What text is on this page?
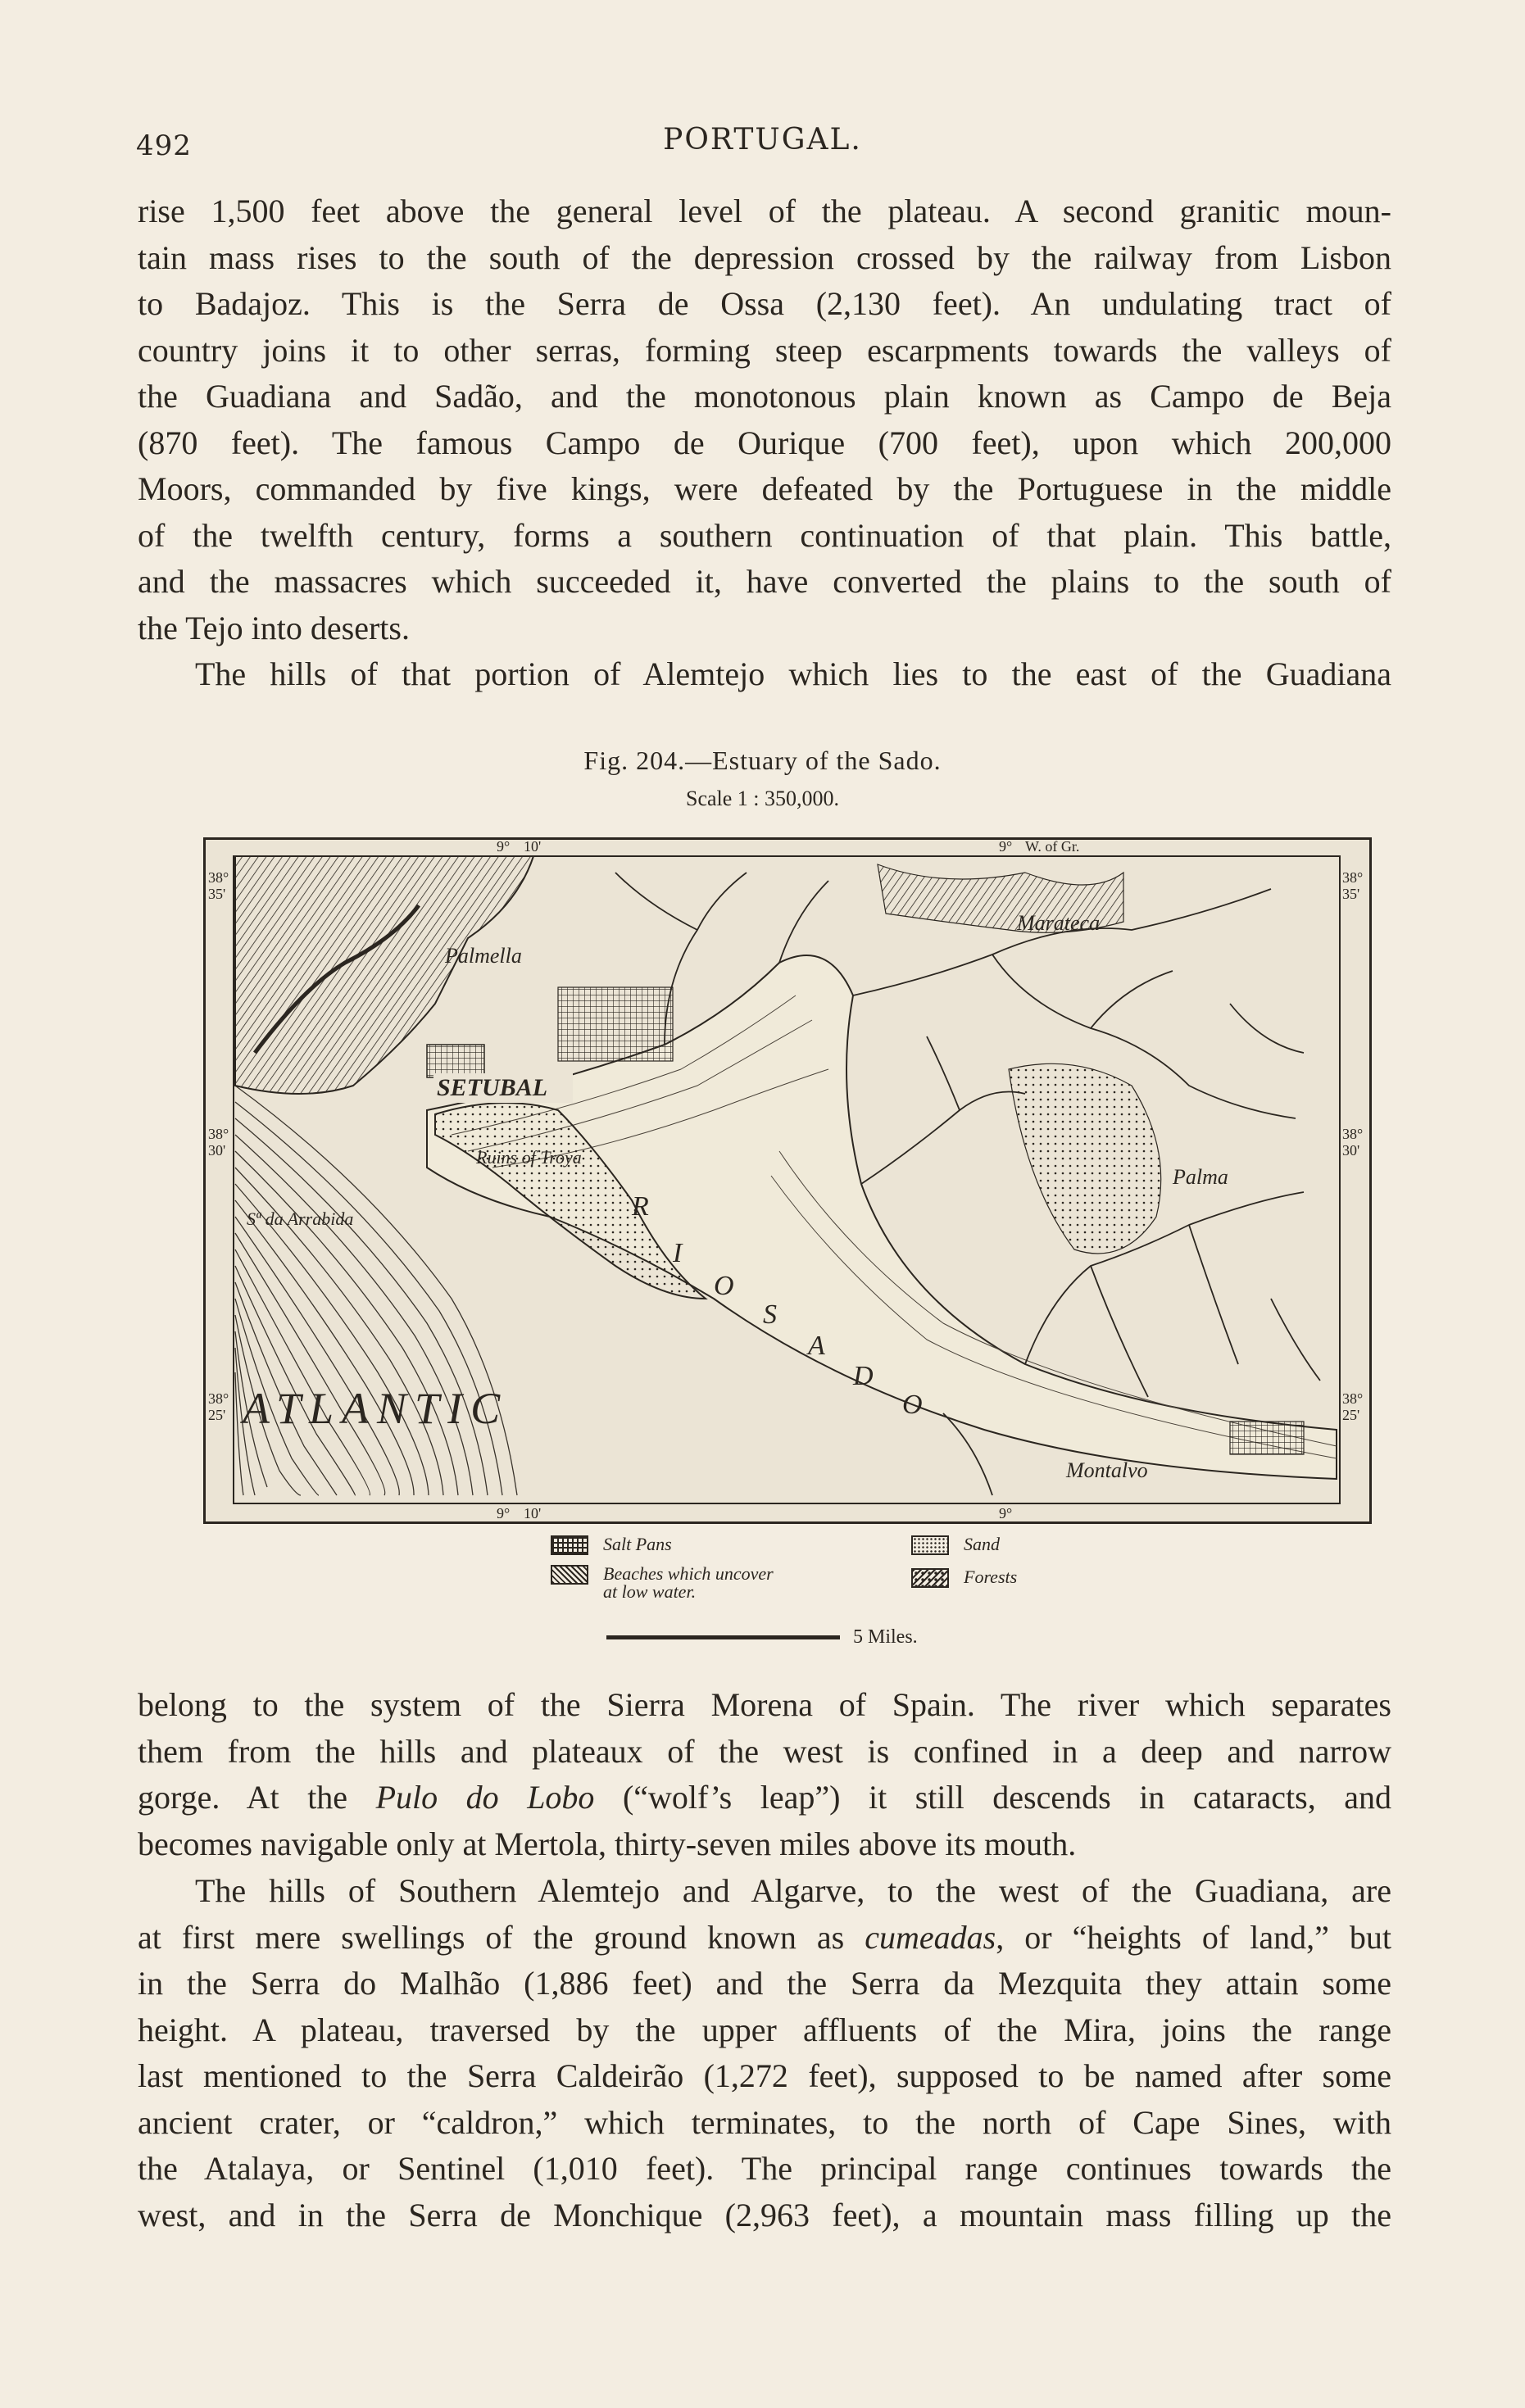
492	PORTUGAL.
rise 1,500 feet above the general level of the plateau. A second granitic moun-
tain mass rises to the south of the depression crossed by the railway from Lisbon
to Badajoz. This is the Serra de Ossa (2,130 feet). An undulating tract of
country joins it to other serras, forming steep escarpments towards the valleys of
the Guadiana and Sadão, and the monotonous plain known as Campo de Beja
(870 feet). The famous Campo de Ourique (700 feet), upon which 200,000
Moors, commanded by five kings, were defeated by the Portuguese in the middle
of the twelfth century, forms a southern continuation of that plain. This battle,
and the massacres which succeeded it, have converted the plains to the south of
the Tejo into deserts.
The hills of that portion of Alemtejo which lies to the east of the Guadiana
Fig. 204.—Estuary of the Sado.
Scale 1 : 350,000.
9° 10'	9° W. of Gr.
9° 10'	9°
38°
35'
38°
30'
38°
25'
38°
35'
38°
30'
38°
25'
Palmella
SETUBAL
Ruins of Troya
Sª da Arrabida
Marateca
Palma
Montalvo
ATLANTIC
R
I
O
S
A
D
O
Salt Pans
Beaches which uncover
at low water.
Sand
Forests
5 Miles.
belong to the system of the Sierra Morena of Spain. The river which separates
them from the hills and plateaux of the west is confined in a deep and narrow
gorge. At the Pulo do Lobo (“wolf’s leap”) it still descends in cataracts, and
becomes navigable only at Mertola, thirty-seven miles above its mouth.
The hills of Southern Alemtejo and Algarve, to the west of the Guadiana, are
at first mere swellings of the ground known as cumeadas, or “heights of land,” but
in the Serra do Malhão (1,886 feet) and the Serra da Mezquita they attain some
height. A plateau, traversed by the upper affluents of the Mira, joins the range
last mentioned to the Serra Caldeirão (1,272 feet), supposed to be named after some
ancient crater, or “caldron,” which terminates, to the north of Cape Sines, with
the Atalaya, or Sentinel (1,010 feet). The principal range continues towards the
west, and in the Serra de Monchique (2,963 feet), a mountain mass filling up the
